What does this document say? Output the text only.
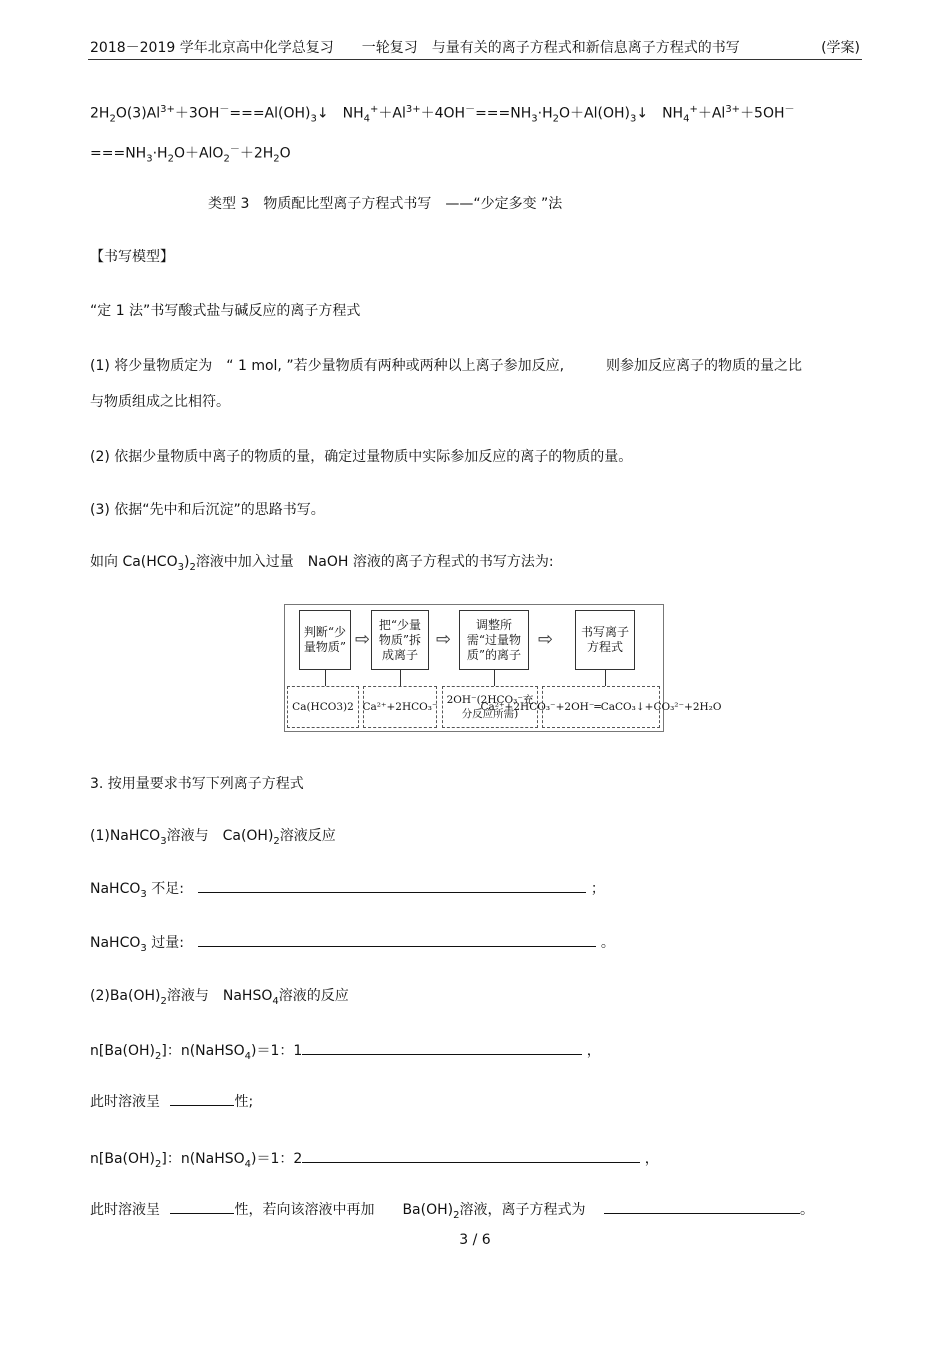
2018－2019 学年北京高中化学总复习　　一轮复习　与量有关的离子方程式和新信息离子方程式的书写	(学案)
$2H_2O(3)Al^{3+}+3OH^-===Al(OH)_3↓$　$NH_4^++Al^{3+}+4OH^-===NH_3\cdot H_2O+Al(OH)_3↓$　$NH_4^++Al^{3+}+5OH^-$
$===NH_3\cdot H_2O+AlO_2^-+2H_2O$
类型 3　物质配比型离子方程式书写　——“少定多变 ”法
【书写模型】
“定 1 法”书写酸式盐与碱反应的离子方程式
(1) 将少量物质定为　“ 1 mol, ”若少量物质有两种或两种以上离子参加反应,　　　则参加反应离子的物质的量之比
与物质组成之比相符。
(2) 依据少量物质中离子的物质的量，确定过量物质中实际参加反应的离子的物质的量。
(3) 依据“先中和后沉淀”的思路书写。
如向 $Ca(HCO_3)_2$溶液中加入过量　NaOH 溶液的离子方程式的书写方法为:
判断“少量物质” ⇨
把“少量物质”拆成离子
⇨
调整所需“过量物质”的离子
⇨	书写离子方程式
Ca(HCO3)2 Ca²⁺+2HCO₃⁻
2OH⁻(2HCO₃⁻充分反应所需)
Ca²⁺+2HCO₃⁻+2OH⁻═CaCO₃↓+CO₃²⁻+2H₂O
3. 按用量要求书写下列离子方程式
(1)NaHCO$_3$溶液与　$Ca(OH)_2$溶液反应
NaHCO$_3$ 不足:	；
NaHCO$_3$ 过量:	。
$(2)Ba(OH)_2$溶液与　NaHSO$_4$溶液的反应
$n[Ba(OH)_2]$：n(NaHSO$_4$)＝1：1	，
此时溶液呈	性;
$n[Ba(OH)_2]$：n(NaHSO$_4$)＝1：2	，
此时溶液呈	性，若向该溶液中再加　　$Ba(OH)_2$溶液，离子方程式为	。
3 / 6
